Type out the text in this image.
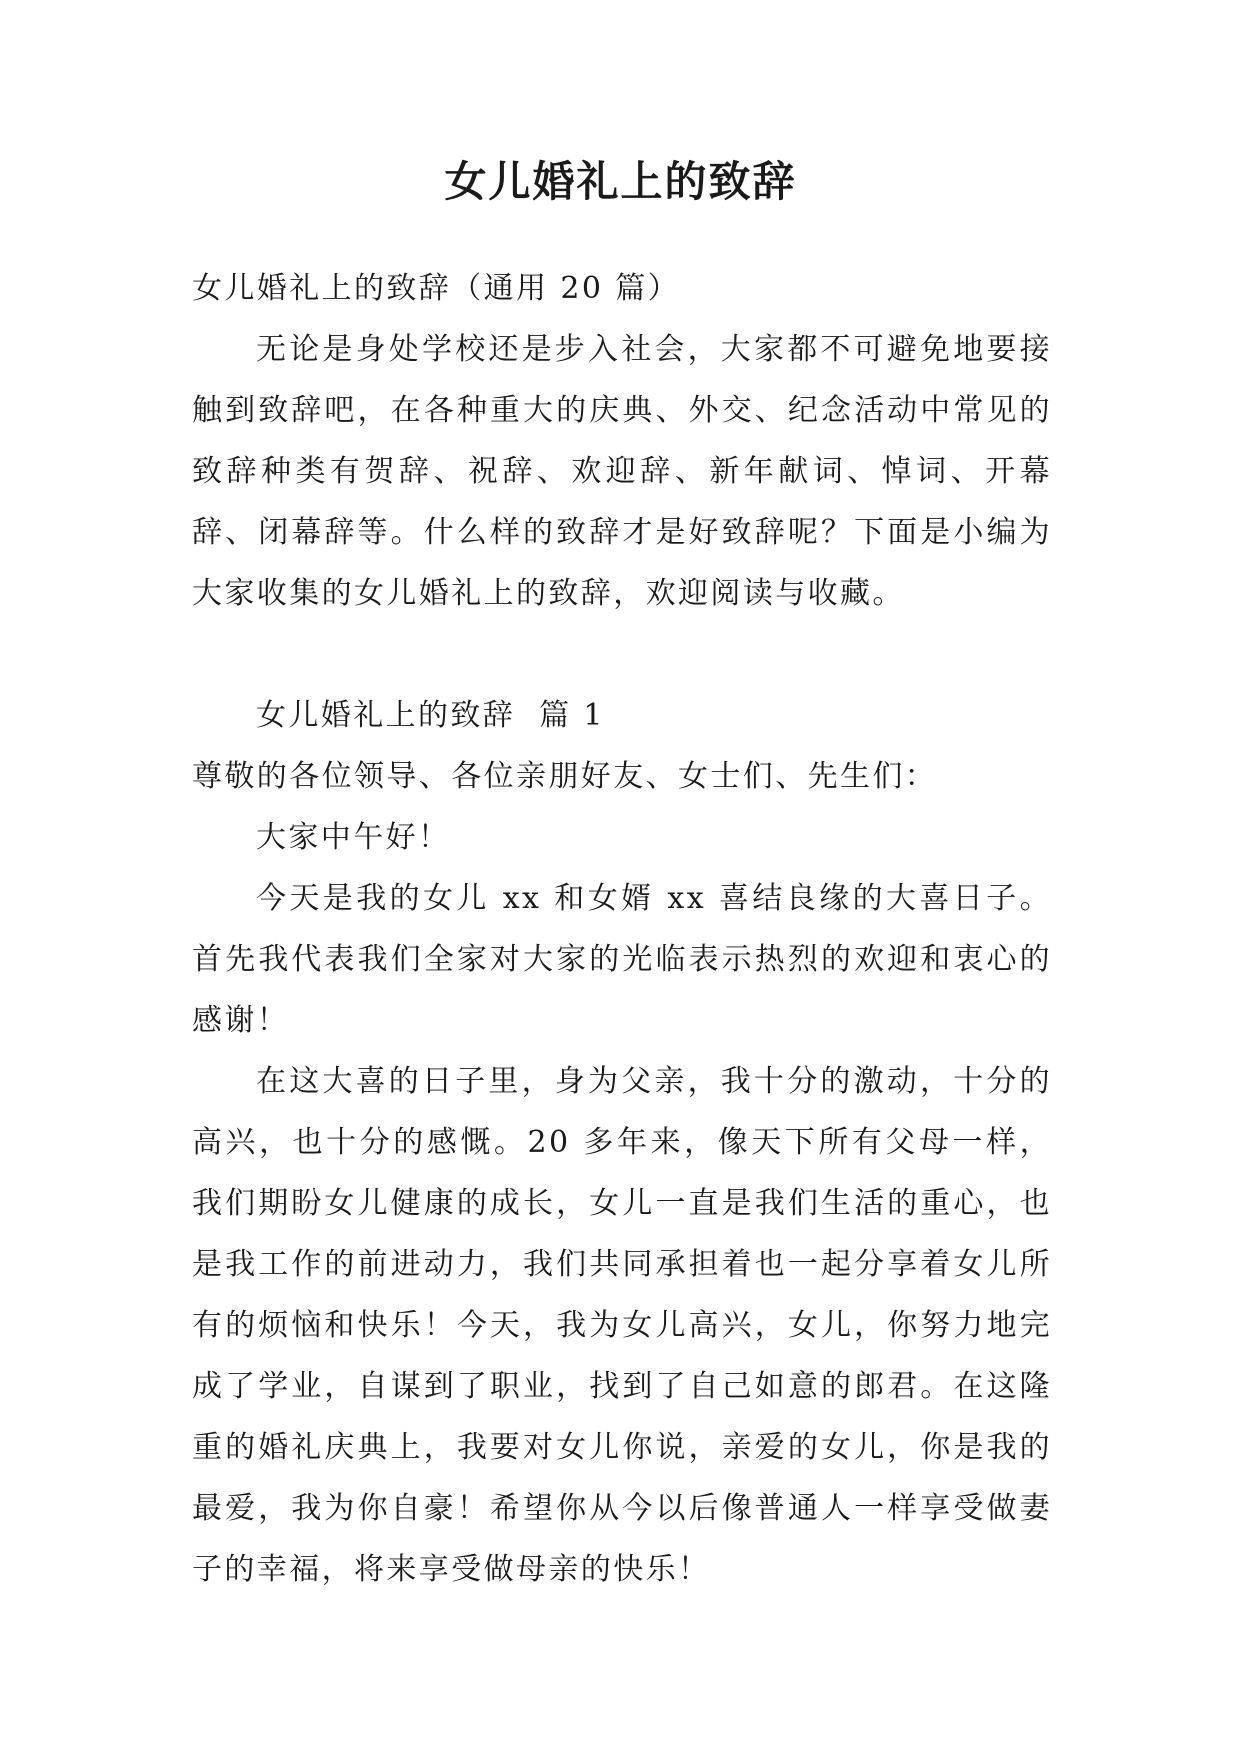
女儿婚礼上的致辞

女儿婚礼上的致辞（通用 20 篇）

无论是身处学校还是步入社会，大家都不可避免地要接触到致辞吧，在各种重大的庆典、外交、纪念活动中常见的致辞种类有贺辞、祝辞、欢迎辞、新年献词、悼词、开幕辞、闭幕辞等。什么样的致辞才是好致辞呢？下面是小编为大家收集的女儿婚礼上的致辞，欢迎阅读与收藏。

女儿婚礼上的致辞  篇 1

尊敬的各位领导、各位亲朋好友、女士们、先生们：

大家中午好！

今天是我的女儿 xx 和女婿 xx 喜结良缘的大喜日子。首先我代表我们全家对大家的光临表示热烈的欢迎和衷心的感谢！

在这大喜的日子里，身为父亲，我十分的激动，十分的高兴，也十分的感慨。20 多年来，像天下所有父母一样，我们期盼女儿健康的成长，女儿一直是我们生活的重心，也是我工作的前进动力，我们共同承担着也一起分享着女儿所有的烦恼和快乐！今天，我为女儿高兴，女儿，你努力地完成了学业，自谋到了职业，找到了自己如意的郎君。在这隆重的婚礼庆典上，我要对女儿你说，亲爱的女儿，你是我的最爱，我为你自豪！希望你从今以后像普通人一样享受做妻子的幸福，将来享受做母亲的快乐！
